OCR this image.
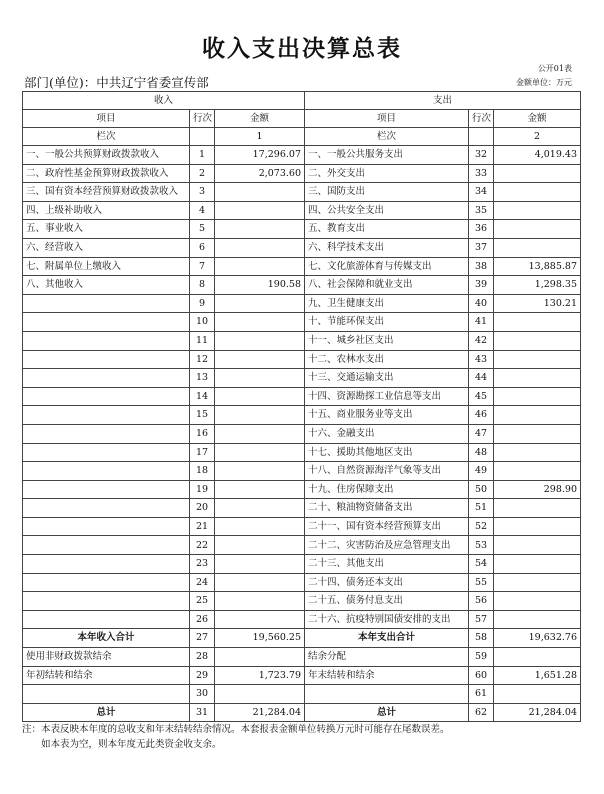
收入支出决算总表
公开01表
金额单位：万元
部门(单位)：中共辽宁省委宣传部
收入			支出		
项目	行次	金额	项目	行次	金额
栏次		1	栏次		2
一、一般公共预算财政拨款收入	1	17,296.07	一、一般公共服务支出	32	4,019.43
二、政府性基金预算财政拨款收入	2	2,073.60	二、外交支出	33	
三、国有资本经营预算财政拨款收入	3		三、国防支出	34	
四、上级补助收入	4		四、公共安全支出	35	
五、事业收入	5		五、教育支出	36	
六、经营收入	6		六、科学技术支出	37	
七、附属单位上缴收入	7		七、文化旅游体育与传媒支出	38	13,885.87
八、其他收入	8	190.58	八、社会保障和就业支出	39	1,298.35
	9		九、卫生健康支出	40	130.21
	10		十、节能环保支出	41	
	11		十一、城乡社区支出	42	
	12		十二、农林水支出	43	
	13		十三、交通运输支出	44	
	14		十四、资源勘探工业信息等支出	45	
	15		十五、商业服务业等支出	46	
	16		十六、金融支出	47	
	17		十七、援助其他地区支出	48	
	18		十八、自然资源海洋气象等支出	49	
	19		十九、住房保障支出	50	298.90
	20		二十、粮油物资储备支出	51	
	21		二十一、国有资本经营预算支出	52	
	22		二十二、灾害防治及应急管理支出	53	
	23		二十三、其他支出	54	
	24		二十四、债务还本支出	55	
	25		二十五、债务付息支出	56	
	26		二十六、抗疫特别国债安排的支出	57	
本年收入合计	27	19,560.25	本年支出合计	58	19,632.76
使用非财政拨款结余	28		结余分配	59	
年初结转和结余	29	1,723.79	年末结转和结余	60	1,651.28
	30			61	
总计	31	21,284.04	总计	62	21,284.04
注：本表反映本年度的总收支和年末结转结余情况。本套报表金额单位转换万元时可能存在尾数误差。
如本表为空，则本年度无此类资金收支余。
